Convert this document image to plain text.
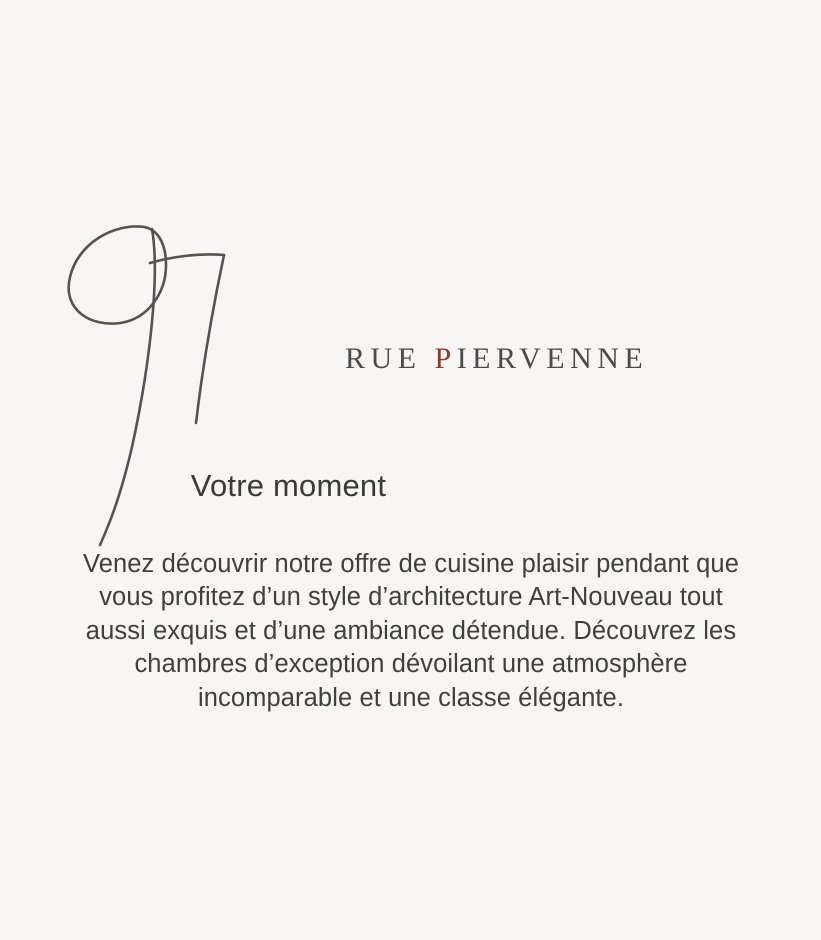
RUE PIERVENNE
Votre moment

Venez découvrir notre offre de cuisine plaisir pendant que vous profitez d’un style d’architecture Art-Nouveau tout aussi exquis et d’une ambiance détendue. Découvrez les chambres d’exception dévoilant une atmosphère incomparable et une classe élégante.
